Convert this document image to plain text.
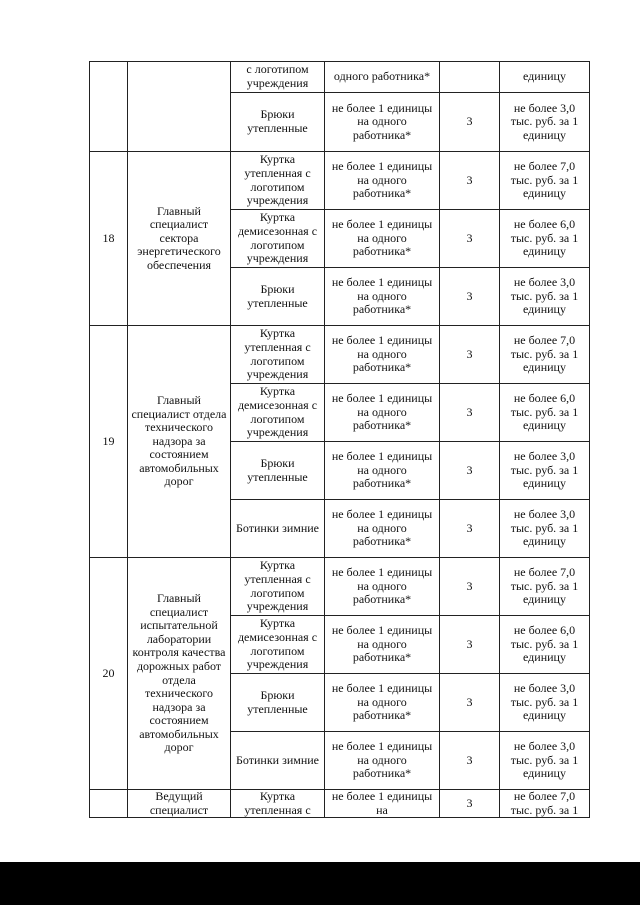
		с логотипом учреждения	одного работника*		единицу
		Брюки утепленные	не более 1 единицы на одного работника*	3	не более 3,0 тыс. руб. за 1 единицу
18	Главный специалист сектора энергетического обеспечения	Куртка утепленная с логотипом учреждения	не более 1 единицы на одного работника*	3	не более 7,0 тыс. руб. за 1 единицу
		Куртка демисезонная с логотипом учреждения	не более 1 единицы на одного работника*	3	не более 6,0 тыс. руб. за 1 единицу
		Брюки утепленные	не более 1 единицы на одного работника*	3	не более 3,0 тыс. руб. за 1 единицу
19	Главный специалист отдела технического надзора за состоянием автомобильных дорог	Куртка утепленная с логотипом учреждения	не более 1 единицы на одного работника*	3	не более 7,0 тыс. руб. за 1 единицу
		Куртка демисезонная с логотипом учреждения	не более 1 единицы на одного работника*	3	не более 6,0 тыс. руб. за 1 единицу
		Брюки утепленные	не более 1 единицы на одного работника*	3	не более 3,0 тыс. руб. за 1 единицу
		Ботинки зимние	не более 1 единицы на одного работника*	3	не более 3,0 тыс. руб. за 1 единицу
20	Главный специалист испытательной лаборатории контроля качества дорожных работ отдела технического надзора за состоянием автомобильных дорог	Куртка утепленная с логотипом учреждения	не более 1 единицы на одного работника*	3	не более 7,0 тыс. руб. за 1 единицу
		Куртка демисезонная с логотипом учреждения	не более 1 единицы на одного работника*	3	не более 6,0 тыс. руб. за 1 единицу
		Брюки утепленные	не более 1 единицы на одного работника*	3	не более 3,0 тыс. руб. за 1 единицу
		Ботинки зимние	не более 1 единицы на одного работника*	3	не более 3,0 тыс. руб. за 1 единицу
	Ведущий специалист	Куртка утепленная с	не более 1 единицы на	3	не более 7,0 тыс. руб. за 1
